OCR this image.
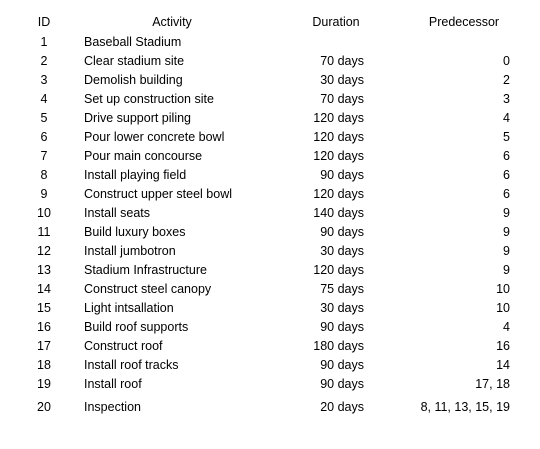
ID	Activity	Duration	Predecessor
1	Baseball Stadium
2	Clear stadium site	70 days	0
3	Demolish building	30 days	2
4	Set up construction site	70 days	3
5	Drive support piling	120 days	4
6	Pour lower concrete bowl	120 days	5
7	Pour main concourse	120 days	6
8	Install playing field	90 days	6
9	Construct upper steel bowl	120 days	6
10	Install seats	140 days	9
11	Build luxury boxes	90 days	9
12	Install jumbotron	30 days	9
13	Stadium Infrastructure	120 days	9
14	Construct steel canopy	75 days	10
15	Light intsallation	30 days	10
16	Build roof supports	90 days	4
17	Construct roof	180 days	16
18	Install roof tracks	90 days	14
19	Install roof	90 days	17, 18
20	Inspection	20 days	8, 11, 13, 15, 19
